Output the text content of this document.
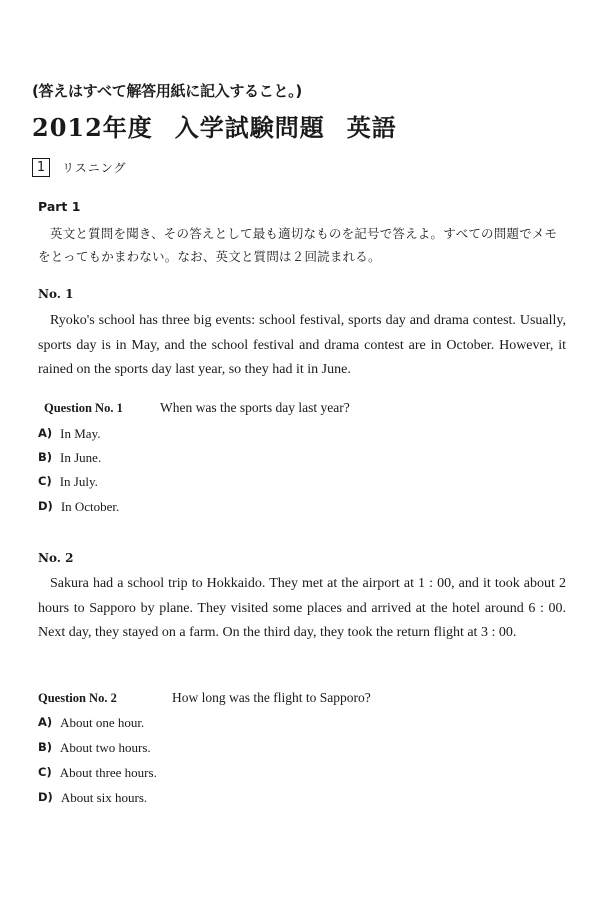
(答えはすべて解答用紙に記入すること。)
2012年度 入学試験問題 英語
1	リスニング
Part 1
英文と質問を聞き、その答えとして最も適切なものを記号で答えよ。すべての問題でメモをとってもかまわない。なお、英文と質問は２回読まれる。
No. 1
Ryoko's school has three big events: school festival, sports day and drama contest. Usually, sports day is in May, and the school festival and drama contest are in October. However, it rained on the sports day last year, so they had it in June.
Question No. 1	When was the sports day last year?
A) In May.
B) In June.
C) In July.
D) In October.
No. 2
Sakura had a school trip to Hokkaido. They met at the airport at 1 : 00, and it took about 2 hours to Sapporo by plane. They visited some places and arrived at the hotel around 6 : 00. Next day, they stayed on a farm. On the third day, they took the return flight at 3 : 00.
Question No. 2	How long was the flight to Sapporo?
A) About one hour.
B) About two hours.
C) About three hours.
D) About six hours.
